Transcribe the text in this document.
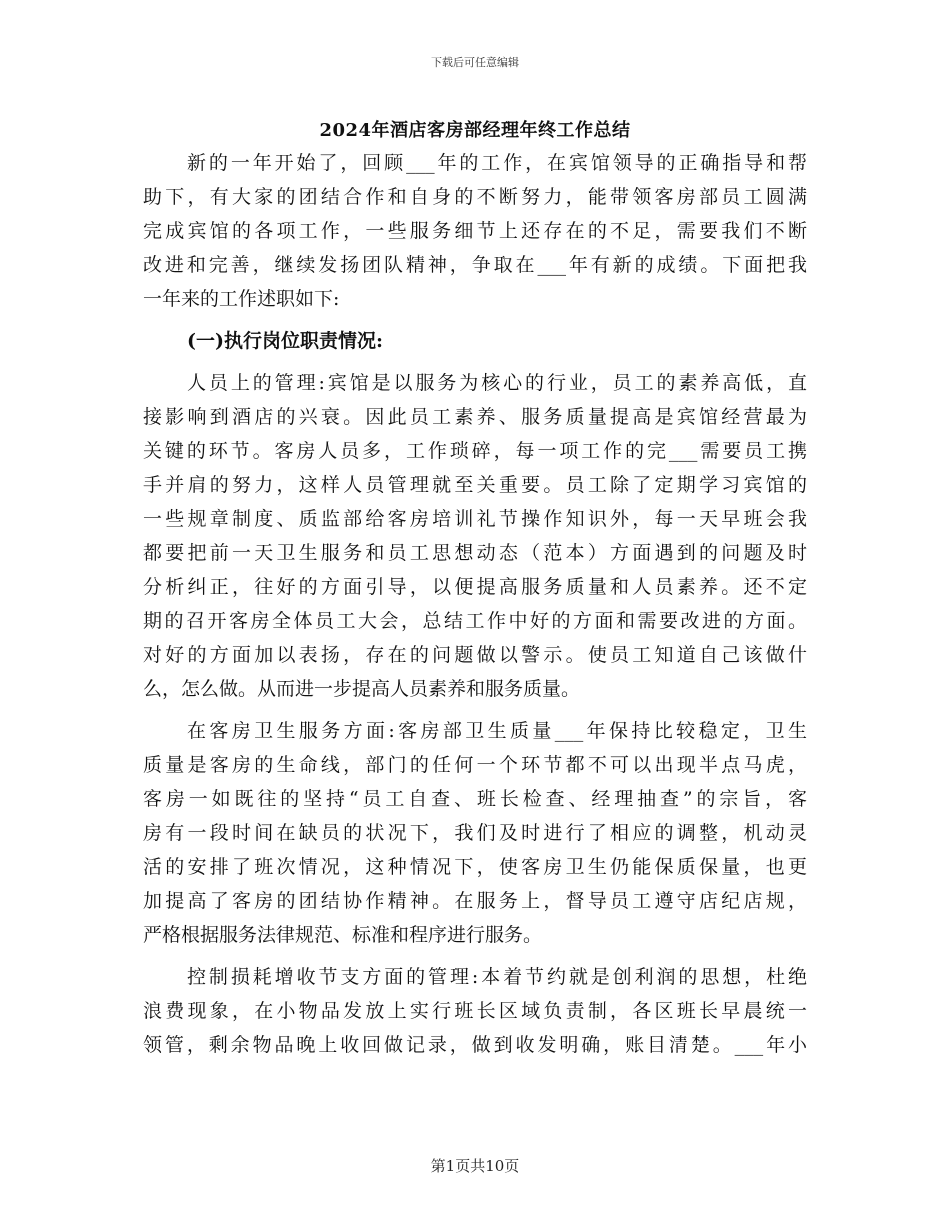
下载后可任意编辑
2024年酒店客房部经理年终工作总结
新的一年开始了，回顾___年的工作，在宾馆领导的正确指导和帮
助下，有大家的团结合作和自身的不断努力，能带领客房部员工圆满
完成宾馆的各项工作，一些服务细节上还存在的不足，需要我们不断
改进和完善，继续发扬团队精神，争取在___年有新的成绩。下面把我
一年来的工作述职如下:
(一)执行岗位职责情况:
人员上的管理:宾馆是以服务为核心的行业，员工的素养高低，直
接影响到酒店的兴衰。因此员工素养、服务质量提高是宾馆经营最为
关键的环节。客房人员多，工作琐碎，每一项工作的完___需要员工携
手并肩的努力，这样人员管理就至关重要。员工除了定期学习宾馆的
一些规章制度、质监部给客房培训礼节操作知识外，每一天早班会我
都要把前一天卫生服务和员工思想动态（范本）方面遇到的问题及时
分析纠正，往好的方面引导，以便提高服务质量和人员素养。还不定
期的召开客房全体员工大会，总结工作中好的方面和需要改进的方面。
对好的方面加以表扬，存在的问题做以警示。使员工知道自己该做什
么，怎么做。从而进一步提高人员素养和服务质量。
在客房卫生服务方面:客房部卫生质量___年保持比较稳定，卫生
质量是客房的生命线，部门的任何一个环节都不可以出现半点马虎，
客房一如既往的坚持“员工自查、班长检查、经理抽查”的宗旨，客
房有一段时间在缺员的状况下，我们及时进行了相应的调整，机动灵
活的安排了班次情况，这种情况下，使客房卫生仍能保质保量，也更
加提高了客房的团结协作精神。在服务上，督导员工遵守店纪店规，
严格根据服务法律规范、标准和程序进行服务。
控制损耗增收节支方面的管理:本着节约就是创利润的思想，杜绝
浪费现象，在小物品发放上实行班长区域负责制，各区班长早晨统一
领管，剩余物品晚上收回做记录，做到收发明确，账目清楚。___年小
第1页共10页
